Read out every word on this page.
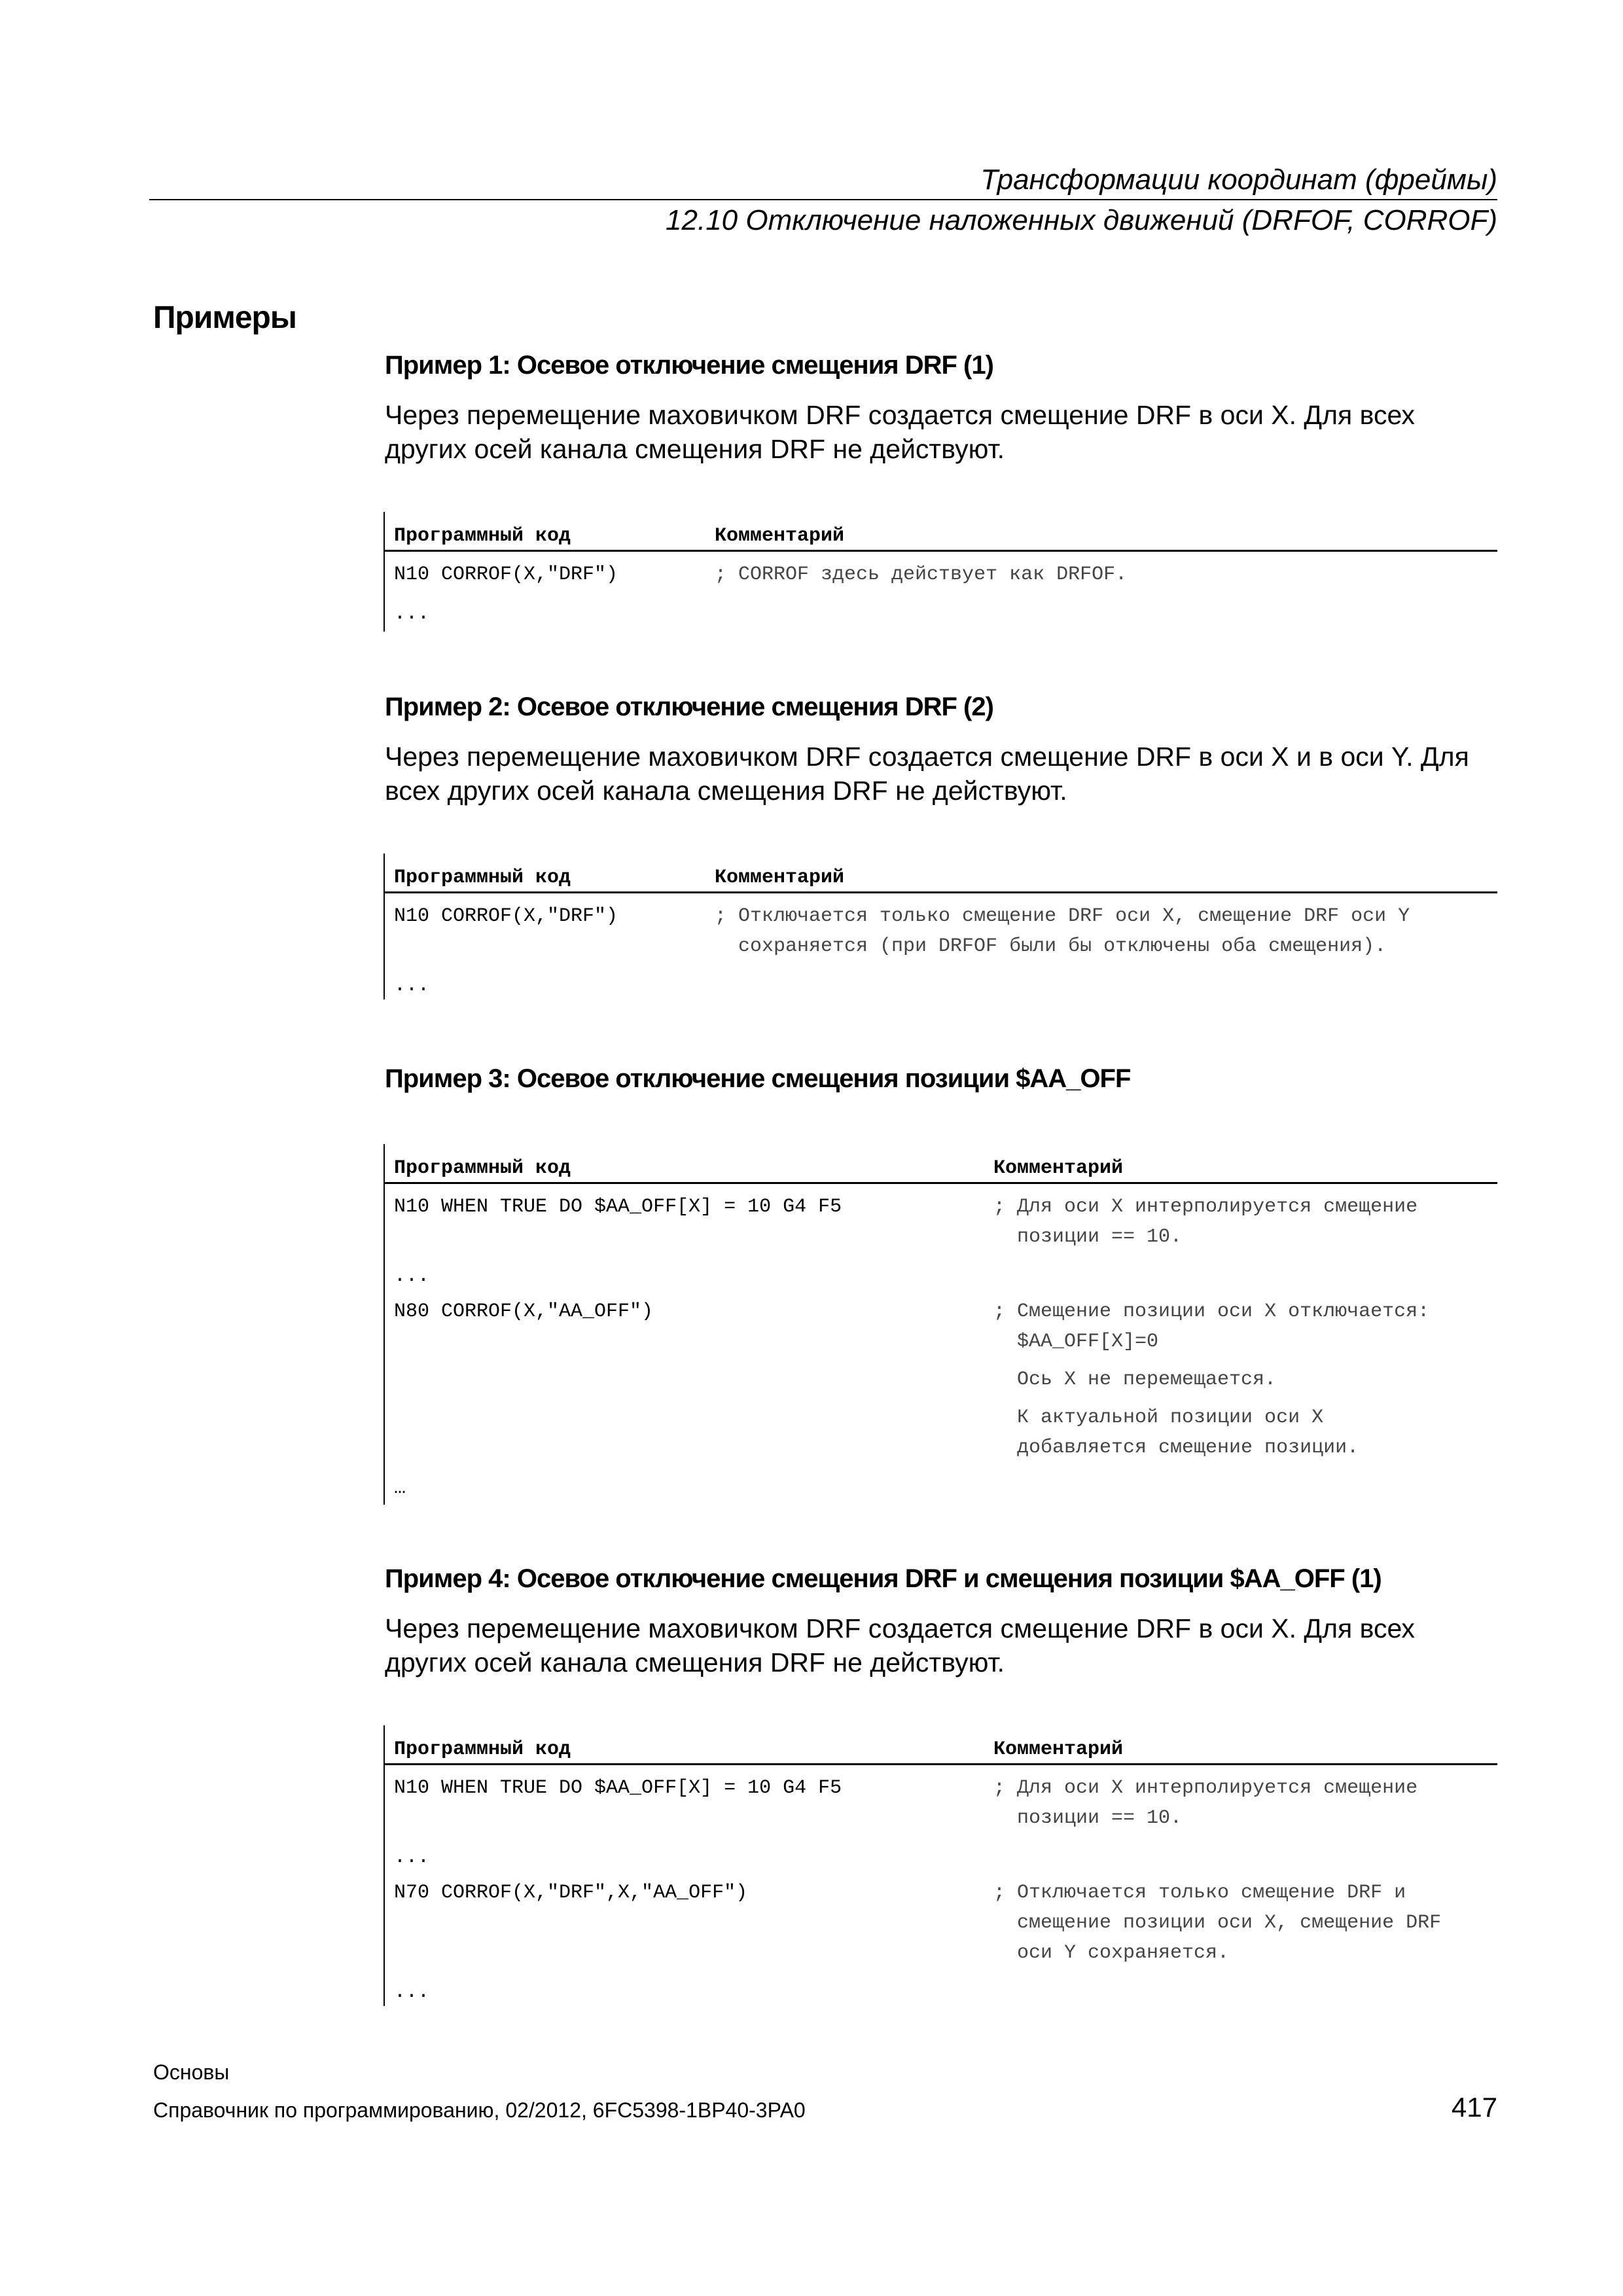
Трансформации координат (фреймы)
12.10 Отключение наложенных движений (DRFOF, CORROF)
Примеры
Пример 1: Осевое отключение смещения DRF (1)
Через перемещение маховичком DRF создается смещение DRF в оси X. Для всех
других осей канала смещения DRF не действуют.
Программный код	Комментарий
N10 CORROF(X,"DRF")	; CORROF здесь действует как DRFOF.
...
Пример 2: Осевое отключение смещения DRF (2)
Через перемещение маховичком DRF создается смещение DRF в оси X и в оси Y. Для
всех других осей канала смещения DRF не действуют.
Программный код	Комментарий
N10 CORROF(X,"DRF")	; Отключается только смещение DRF оси X, смещение DRF оси Y
сохраняется (при DRFOF были бы отключены оба смещения).
...
Пример 3: Осевое отключение смещения позиции $AA_OFF
Программный код	Комментарий
N10 WHEN TRUE DO $AA_OFF[X] = 10 G4 F5	; Для оси X интерполируется смещение
позиции == 10.
...
N80 CORROF(X,"AA_OFF")	; Смещение позиции оси X отключается:
$AA_OFF[X]=0
Ось X не перемещается.
К актуальной позиции оси X
добавляется смещение позиции.
…
Пример 4: Осевое отключение смещения DRF и смещения позиции $AA_OFF (1)
Через перемещение маховичком DRF создается смещение DRF в оси X. Для всех
других осей канала смещения DRF не действуют.
Программный код	Комментарий
N10 WHEN TRUE DO $AA_OFF[X] = 10 G4 F5	; Для оси X интерполируется смещение
позиции == 10.
...
N70 CORROF(X,"DRF",X,"AA_OFF")	; Отключается только смещение DRF и
смещение позиции оси X, смещение DRF
оси Y сохраняется.
...
Основы
Справочник по программированию, 02/2012, 6FC5398-1BP40-3PA0	417
